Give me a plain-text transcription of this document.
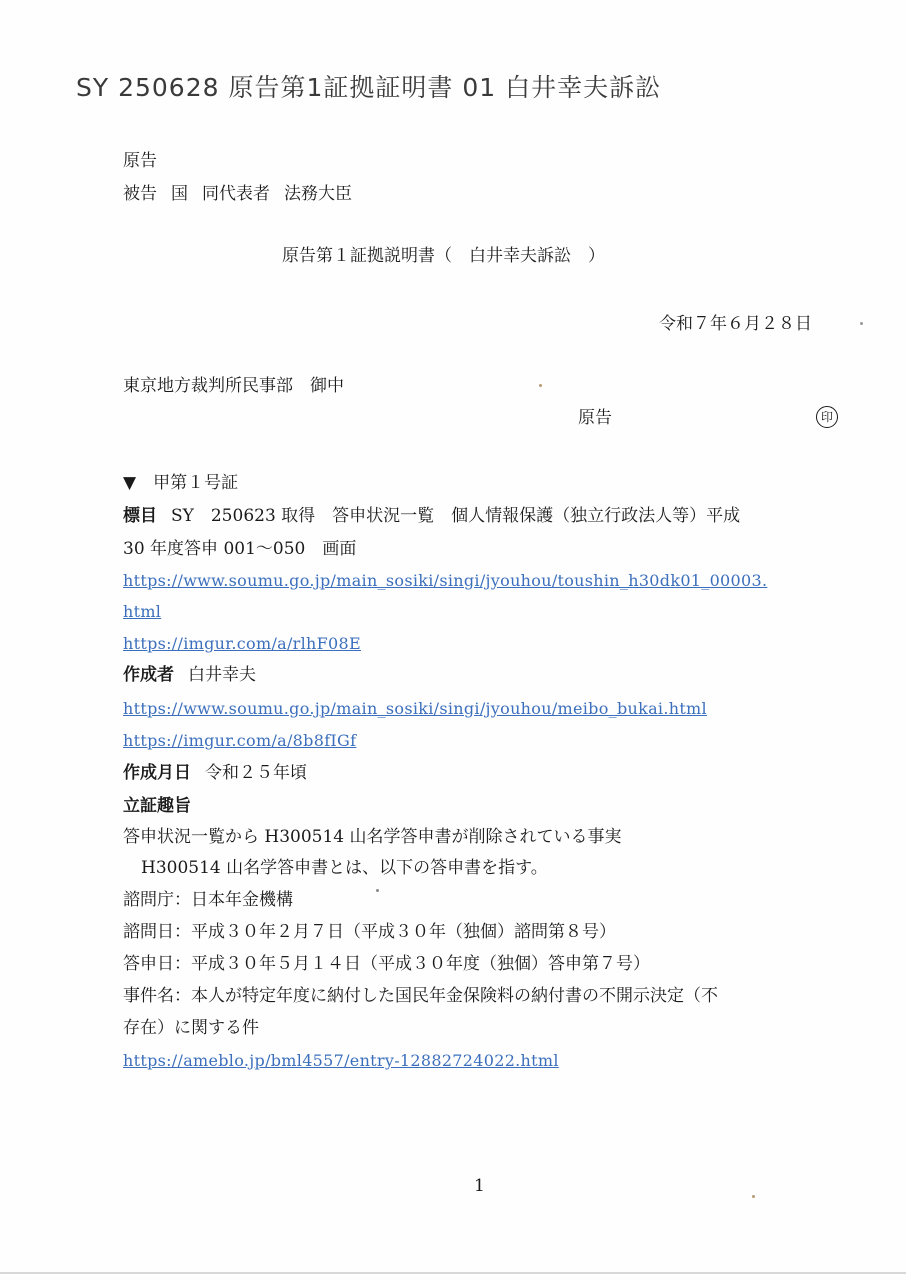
SY 250628 原告第1証拠証明書 01 白井幸夫訴訟
原告
被告 国 同代表者 法務大臣
原告第１証拠説明書（　白井幸夫訴訟　）
令和７年６月２８日
東京地方裁判所民事部　御中
原告	印
▼　甲第１号証
標目 SY　250623 取得　答申状況一覧　個人情報保護（独立行政法人等）平成
30 年度答申 001～050　画面
https://www.soumu.go.jp/main_sosiki/singi/jyouhou/toushin_h30dk01_00003.
html
https://imgur.com/a/rlhF08E
作成者 白井幸夫
https://www.soumu.go.jp/main_sosiki/singi/jyouhou/meibo_bukai.html
https://imgur.com/a/8b8fIGf
作成月日 令和２５年頃
立証趣旨
答申状況一覧から H300514 山名学答申書が削除されている事実
H300514 山名学答申書とは、以下の答申書を指す。
諮問庁：日本年金機構
諮問日：平成３０年２月７日（平成３０年（独個）諮問第８号）
答申日：平成３０年５月１４日（平成３０年度（独個）答申第７号）
事件名：本人が特定年度に納付した国民年金保険料の納付書の不開示決定（不
存在）に関する件
https://ameblo.jp/bml4557/entry-12882724022.html
1
